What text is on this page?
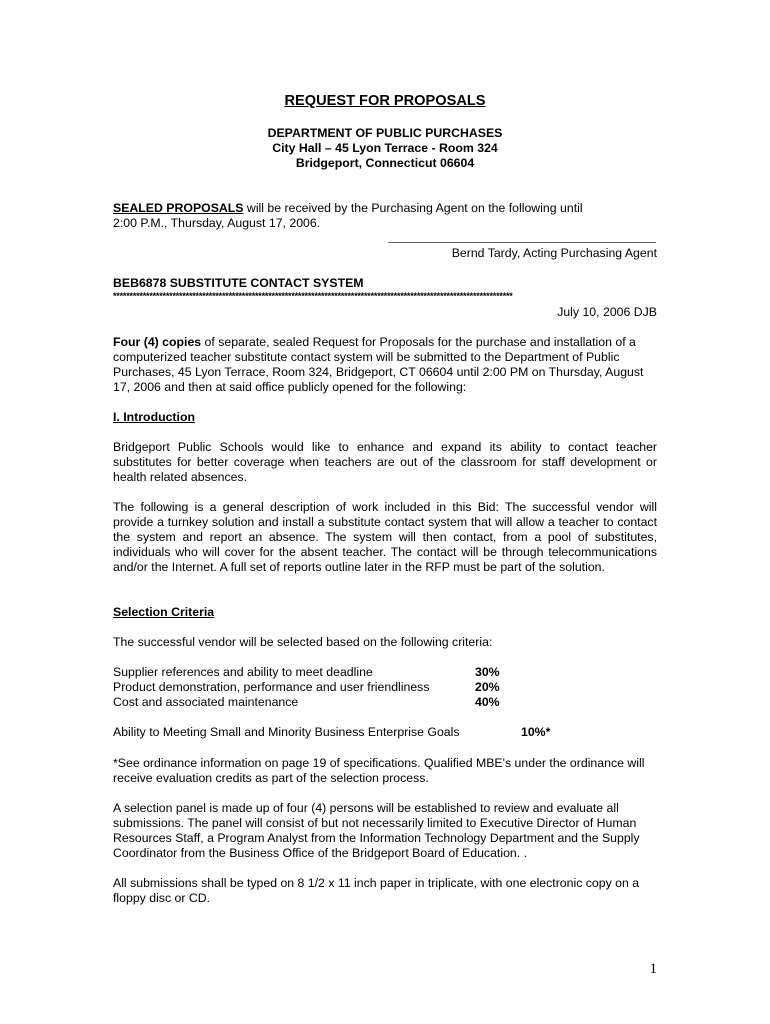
REQUEST FOR PROPOSALS
DEPARTMENT OF PUBLIC PURCHASES
City Hall – 45 Lyon Terrace - Room 324
Bridgeport, Connecticut 06604
SEALED PROPOSALS will be received by the Purchasing Agent on the following until
2:00 P.M., Thursday, August 17, 2006.
Bernd Tardy, Acting Purchasing Agent
BEB6878 SUBSTITUTE CONTACT SYSTEM
*************************************************************************************************************************
July 10, 2006 DJB
Four (4) copies of separate, sealed Request for Proposals for the purchase and installation of a computerized teacher substitute contact system will be submitted to the Department of Public Purchases, 45 Lyon Terrace, Room 324, Bridgeport, CT 06604 until 2:00 PM on Thursday, August 17, 2006 and then at said office publicly opened for the following:
I. Introduction

Bridgeport Public Schools would like to enhance and expand its ability to contact teacher substitutes for better coverage when teachers are out of the classroom for staff development or health related absences.

The following is a general description of work included in this Bid: The successful vendor will provide a turnkey solution and install a substitute contact system that will allow a teacher to contact the system and report an absence. The system will then contact, from a pool of substitutes, individuals who will cover for the absent teacher. The contact will be through telecommunications and/or the Internet. A full set of reports outline later in the RFP must be part of the solution.

Selection Criteria
The successful vendor will be selected based on the following criteria:
Supplier references and ability to meet deadline	30%
Product demonstration, performance and user friendliness	20%
Cost and associated maintenance	40%
Ability to Meeting Small and Minority Business Enterprise Goals	10%*

*See ordinance information on page 19 of specifications. Qualified MBE's under the ordinance will receive evaluation credits as part of the selection process.

A selection panel is made up of four (4) persons will be established to review and evaluate all submissions. The panel will consist of but not necessarily limited to Executive Director of Human Resources Staff, a Program Analyst from the Information Technology Department and the Supply Coordinator from the Business Office of the Bridgeport Board of Education. .

All submissions shall be typed on 8 1/2 x 11 inch paper in triplicate, with one electronic copy on a floppy disc or CD.

1
